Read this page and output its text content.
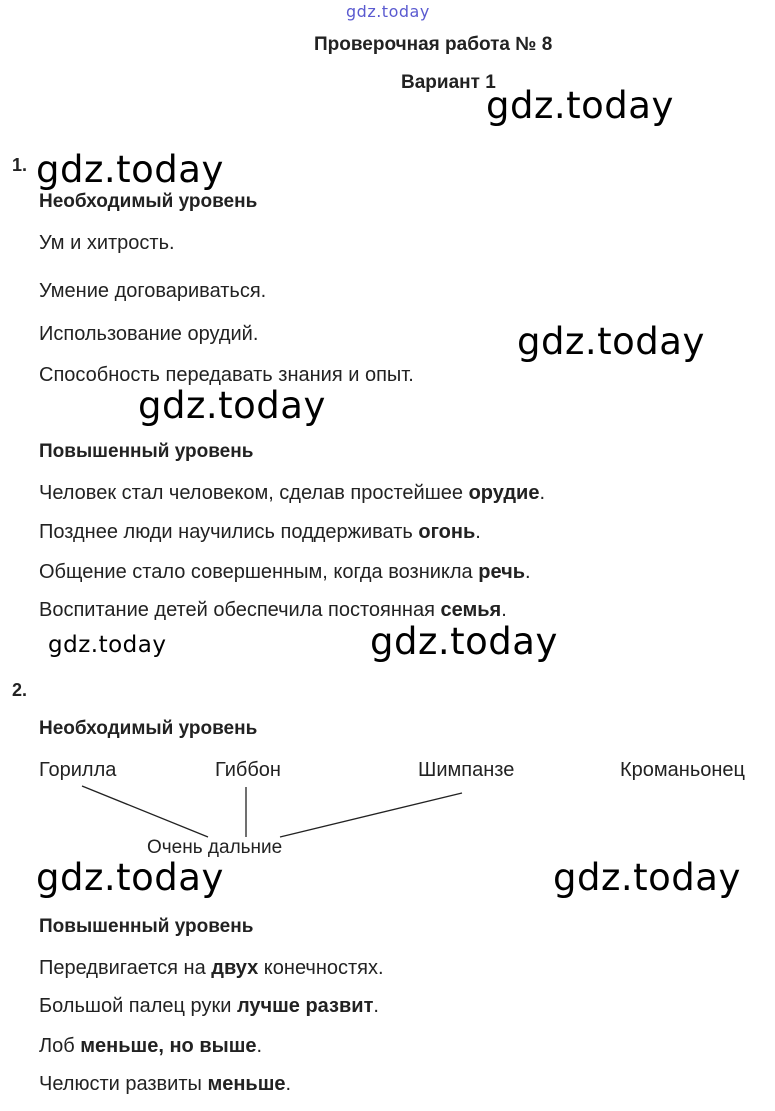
gdz.today
gdz.today
gdz.today
gdz.today
gdz.today
gdz.today	gdz.today
gdz.today	gdz.today
Проверочная работа № 8
Вариант 1
1.
Необходимый уровень
Ум и хитрость.
Умение договариваться.
Использование орудий.
Способность передавать знания и опыт.
Повышенный уровень
Человек стал человеком, сделав простейшее орудие.
Позднее люди научились поддерживать огонь.
Общение стало совершенным, когда возникла речь.
Воспитание детей обеспечила постоянная семья.
2.
Необходимый уровень
Горилла	Гиббон	Шимпанзе	Кроманьонец
Очень дальние
Повышенный уровень
Передвигается на двух конечностях.
Большой палец руки лучше развит.
Лоб меньше, но выше.
Челюсти развиты меньше.
